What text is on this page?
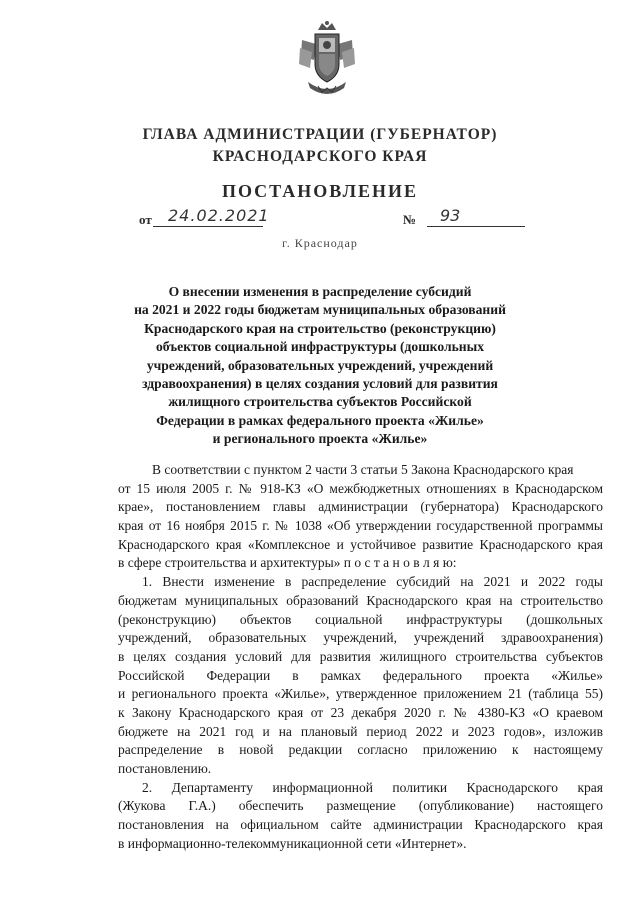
ГЛАВА АДМИНИСТРАЦИИ (ГУБЕРНАТОР)
КРАСНОДАРСКОГО КРАЯ
ПОСТАНОВЛЕНИЕ
от 24.02.2021	№ 93
г. Краснодар
О внесении изменения в распределение субсидий
на 2021 и 2022 годы бюджетам муниципальных образований
Краснодарского края на строительство (реконструкцию)
объектов социальной инфраструктуры (дошкольных
учреждений, образовательных учреждений, учреждений
здравоохранения) в целях создания условий для развития
жилищного строительства субъектов Российской
Федерации в рамках федерального проекта «Жилье»
и регионального проекта «Жилье»
В соответствии с пунктом 2 части 3 статьи 5 Закона Краснодарского края
от 15 июля 2005 г. № 918-КЗ «О межбюджетных отношениях в Краснодарском
крае», постановлением главы администрации (губернатора) Краснодарского
края от 16 ноября 2015 г. № 1038 «Об утверждении государственной программы
Краснодарского края «Комплексное и устойчивое развитие Краснодарского края
в сфере строительства и архитектуры» п о с т а н о в л я ю:
1. Внести изменение в распределение субсидий на 2021 и 2022 годы
бюджетам муниципальных образований Краснодарского края на строительство
(реконструкцию) объектов социальной инфраструктуры (дошкольных
учреждений, образовательных учреждений, учреждений здравоохранения)
в целях создания условий для развития жилищного строительства субъектов
Российской Федерации в рамках федерального проекта «Жилье»
и регионального проекта «Жилье», утвержденное приложением 21 (таблица 55)
к Закону Краснодарского края от 23 декабря 2020 г. № 4380-КЗ «О краевом
бюджете на 2021 год и на плановый период 2022 и 2023 годов», изложив
распределение в новой редакции согласно приложению к настоящему
постановлению.
2. Департаменту информационной политики Краснодарского края
(Жукова Г.А.) обеспечить размещение (опубликование) настоящего
постановления на официальном сайте администрации Краснодарского края
в информационно-телекоммуникационной сети «Интернет».
